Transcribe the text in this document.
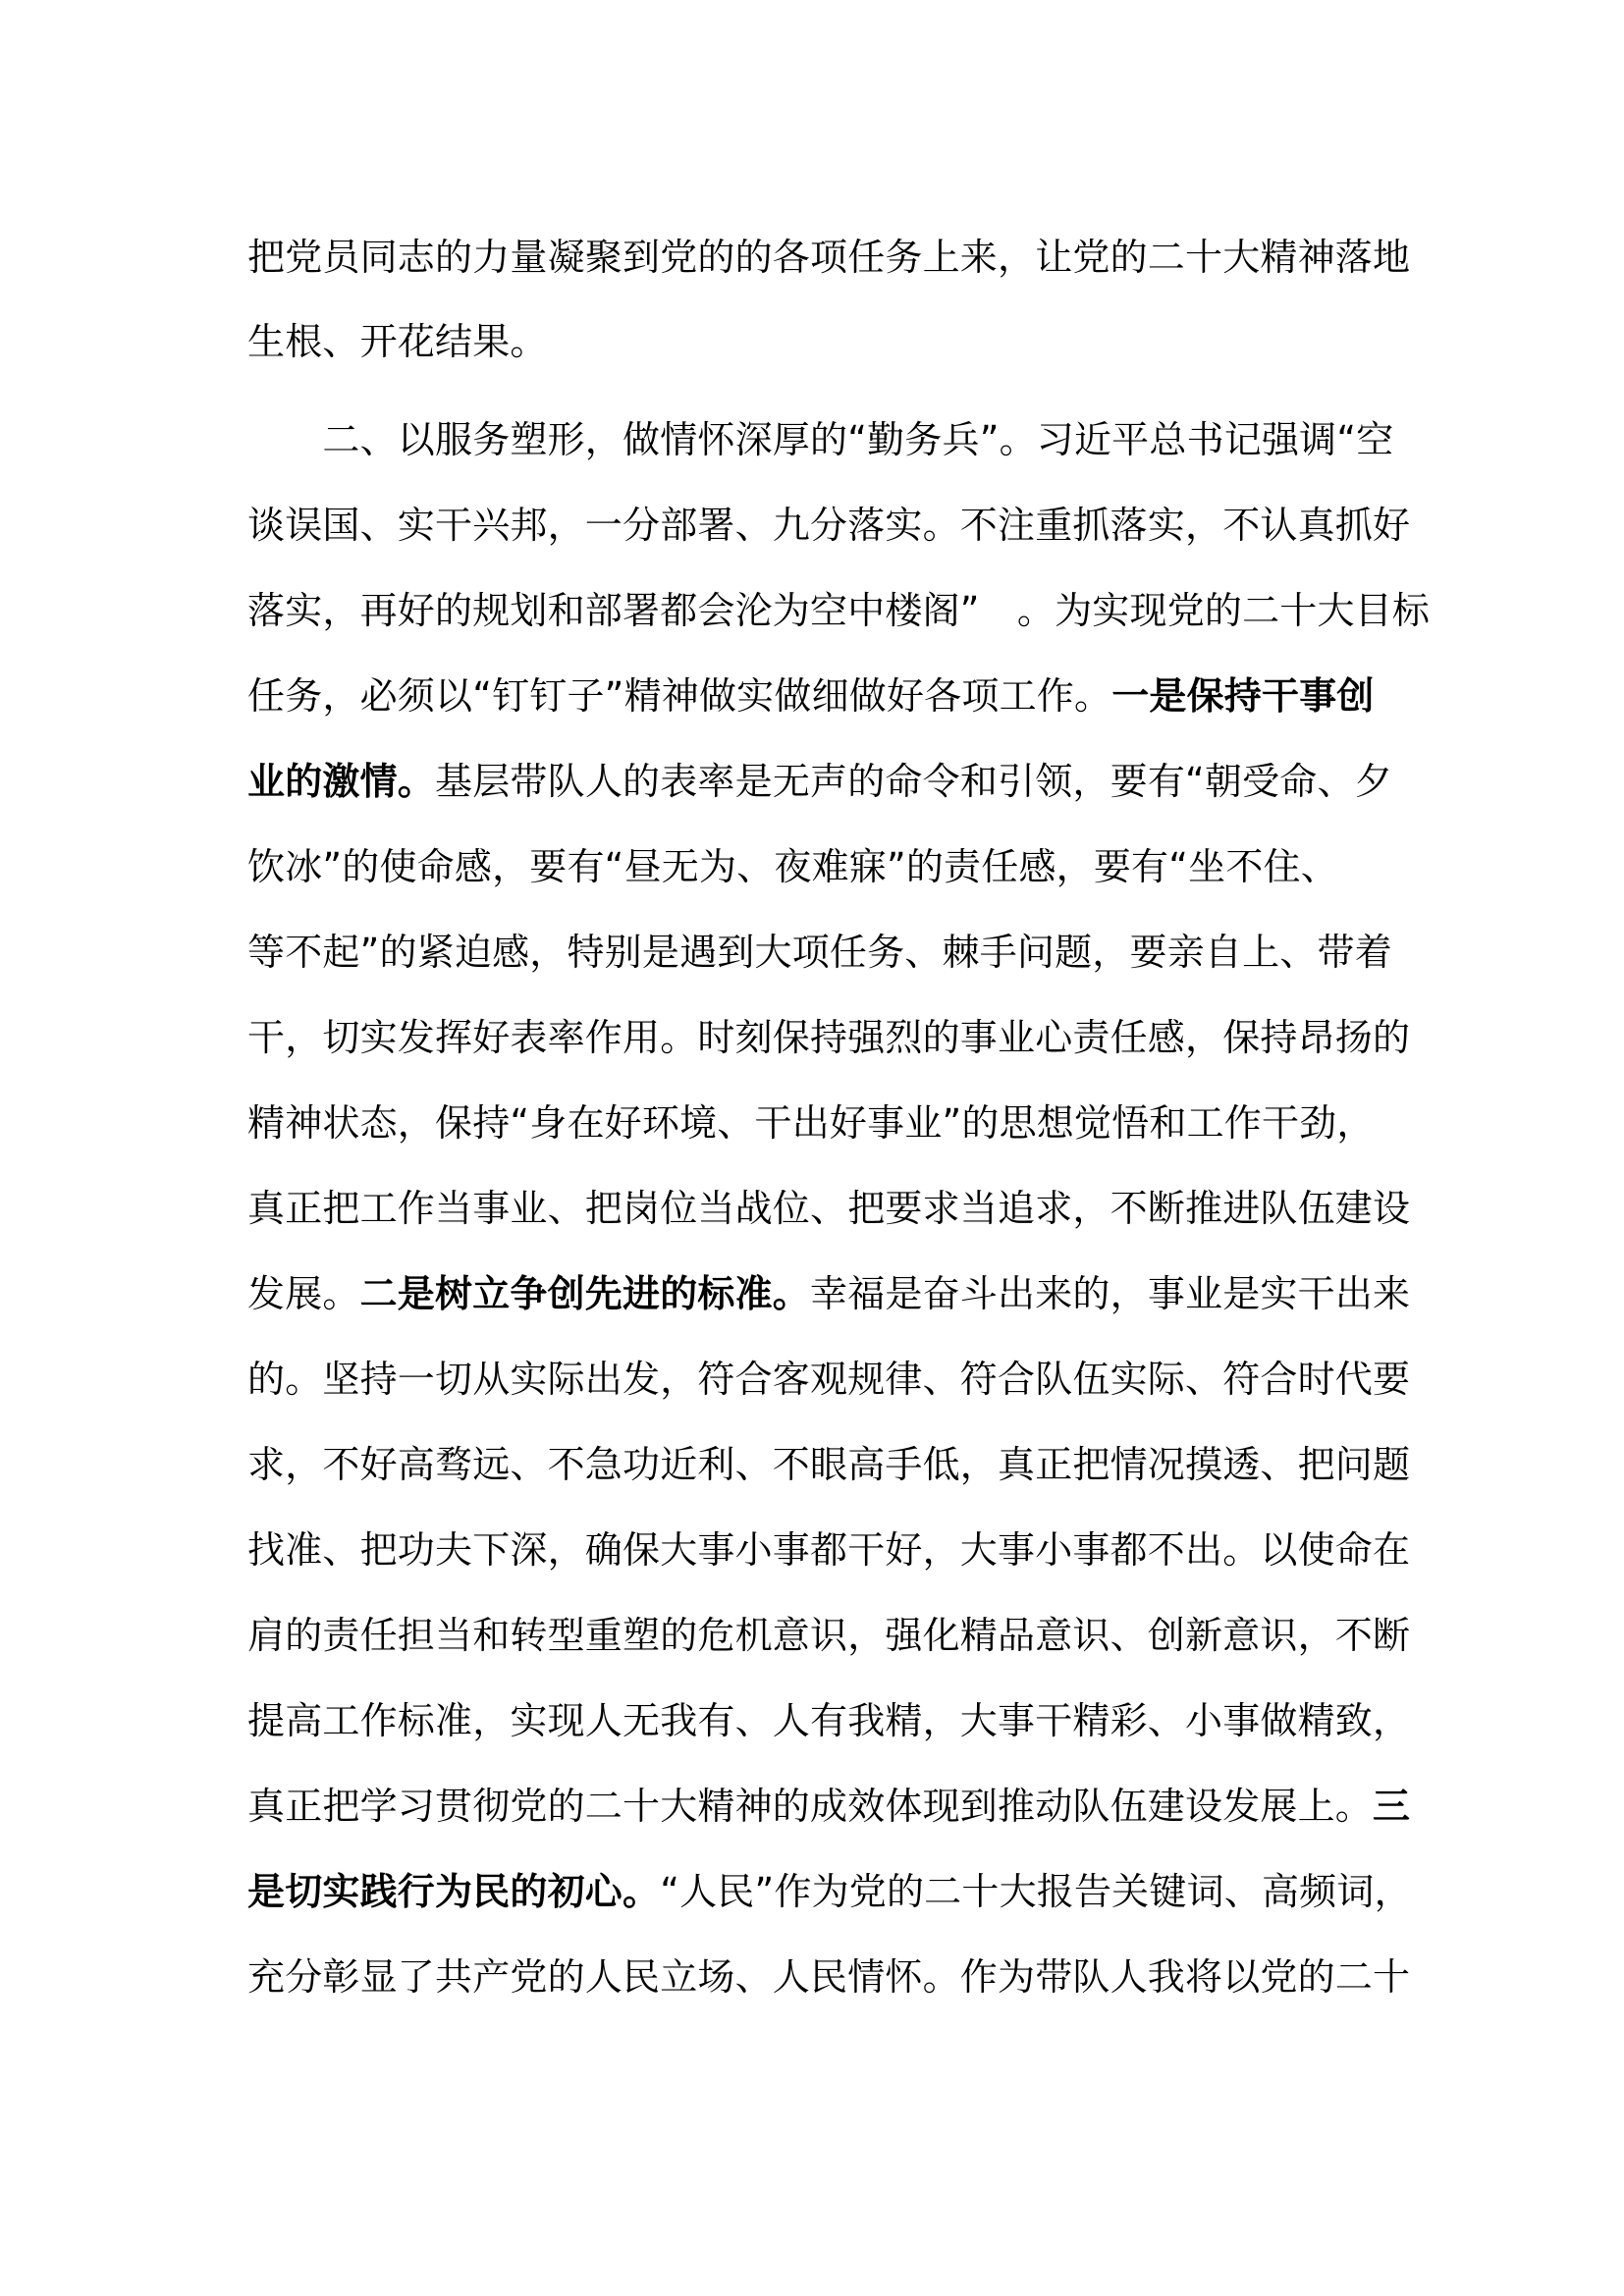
把党员同志的力量凝聚到党的的各项任务上来，让党的二十大精神落地
生根、开花结果。
　　二、以服务塑形，做情怀深厚的“勤务兵”。习近平总书记强调“空
谈误国、实干兴邦，一分部署、九分落实。不注重抓落实，不认真抓好
落实，再好的规划和部署都会沦为空中楼阁”　。为实现党的二十大目标
任务，必须以“钉钉子”精神做实做细做好各项工作。一是保持干事创
业的激情。基层带队人的表率是无声的命令和引领，要有“朝受命、夕
饮冰”的使命感，要有“昼无为、夜难寐”的责任感，要有“坐不住、
等不起”的紧迫感，特别是遇到大项任务、棘手问题，要亲自上、带着
干，切实发挥好表率作用。时刻保持强烈的事业心责任感，保持昂扬的
精神状态，保持“身在好环境、干出好事业”的思想觉悟和工作干劲，
真正把工作当事业、把岗位当战位、把要求当追求，不断推进队伍建设
发展。二是树立争创先进的标准。幸福是奋斗出来的，事业是实干出来
的。坚持一切从实际出发，符合客观规律、符合队伍实际、符合时代要
求，不好高骛远、不急功近利、不眼高手低，真正把情况摸透、把问题
找准、把功夫下深，确保大事小事都干好，大事小事都不出。以使命在
肩的责任担当和转型重塑的危机意识，强化精品意识、创新意识，不断
提高工作标准，实现人无我有、人有我精，大事干精彩、小事做精致，
真正把学习贯彻党的二十大精神的成效体现到推动队伍建设发展上。三
是切实践行为民的初心。“人民”作为党的二十大报告关键词、高频词，
充分彰显了共产党的人民立场、人民情怀。作为带队人我将以党的二十
